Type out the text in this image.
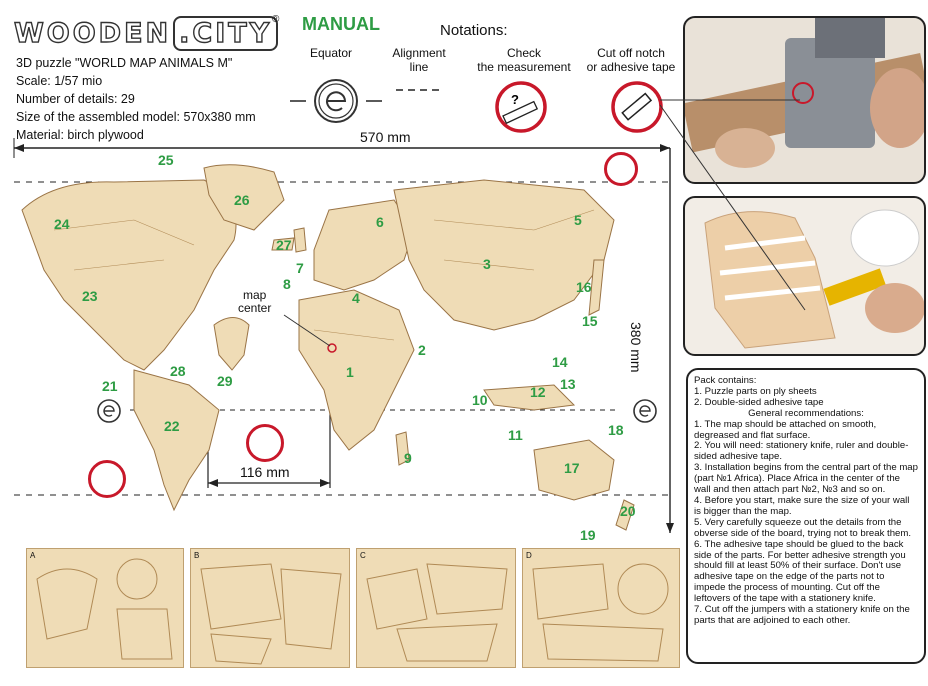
WOODEN .CITY ®
3D puzzle "WORLD MAP ANIMALS M"
Scale: 1/57 mio
Number of details: 29
Size of the assembled model: 570x380 mm
Material: birch plywood
MANUAL	Notations:
Equator	Alignment
line
Check
the measurement
Cut off notch
or adhesive tape
?
570 mm
380 mm
116 mm
map
center
1
2
3
4
5
6
7
8
9
10
11
12 13
14
15
16
17
18
19
20
21
22
23
24
25
26
27
28
29	Pack contains:

1. Puzzle parts on ply sheets

2. Double-sided adhesive tape

General recommendations:

1. The map should be attached on smooth, degreased and flat surface.

2. You will need: stationery knife, ruler and double-sided adhesive tape.

3. Installation begins from the central part of the map (part №1 Africa). Place Africa in the center of the wall and then attach part №2, №3 and so on.

4. Before you start, make sure the size of your wall is bigger than the map.

5. Very carefully squeeze out the details from the obverse side of the board, trying not to break them.

6. The adhesive tape should be glued to the back side of the parts. For better adhesive strength you should fill at least 50% of their surface. Don't use adhesive tape on the edge of the parts not to impede the process of mounting. Cut off the leftovers of the tape with a stationery knife.

7. Cut off the jumpers with a stationery knife on the parts that are adjoined to each other.

A	B	C	D
